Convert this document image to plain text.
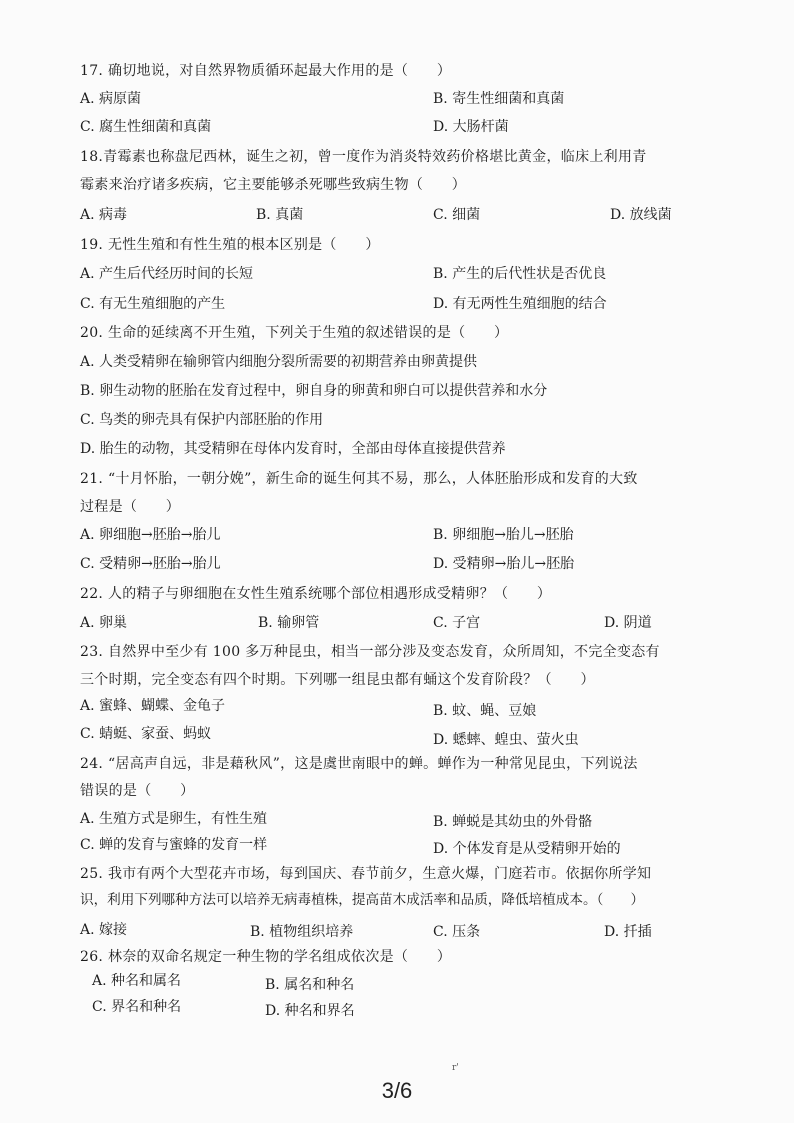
17. 确切地说，对自然界物质循环起最大作用的是（　　）
A. 病原菌	B. 寄生性细菌和真菌
C. 腐生性细菌和真菌	D. 大肠杆菌
18.青霉素也称盘尼西林，诞生之初，曾一度作为消炎特效药价格堪比黄金，临床上利用青
霉素来治疗诸多疾病，它主要能够杀死哪些致病生物（　　）
A. 病毒	B. 真菌	C. 细菌	D. 放线菌
19. 无性生殖和有性生殖的根本区别是（　　）
A. 产生后代经历时间的长短	B. 产生的后代性状是否优良
C. 有无生殖细胞的产生	D. 有无两性生殖细胞的结合
20. 生命的延续离不开生殖，下列关于生殖的叙述错误的是（　　）
A. 人类受精卵在输卵管内细胞分裂所需要的初期营养由卵黄提供
B. 卵生动物的胚胎在发育过程中，卵自身的卵黄和卵白可以提供营养和水分
C. 鸟类的卵壳具有保护内部胚胎的作用
D. 胎生的动物，其受精卵在母体内发育时，全部由母体直接提供营养
21. “十月怀胎，一朝分娩”，新生命的诞生何其不易，那么，人体胚胎形成和发育的大致
过程是（　　）
A. 卵细胞→胚胎→胎儿	B. 卵细胞→胎儿→胚胎
C. 受精卵→胚胎→胎儿	D. 受精卵→胎儿→胚胎
22. 人的精子与卵细胞在女性生殖系统哪个部位相遇形成受精卵？（　　）
A. 卵巢	B. 输卵管	C. 子宫	D. 阴道
23. 自然界中至少有 100 多万种昆虫，相当一部分涉及变态发育，众所周知，不完全变态有
三个时期，完全变态有四个时期。下列哪一组昆虫都有蛹这个发育阶段？（　　）
A. 蜜蜂、蝴蝶、金龟子	B. 蚊、蝇、豆娘
C. 蜻蜓、家蚕、蚂蚁	D. 蟋蟀、蝗虫、萤火虫
24. “居高声自远，非是藉秋风”，这是虞世南眼中的蝉。蝉作为一种常见昆虫，下列说法
错误的是（　　）
A. 生殖方式是卵生，有性生殖	B. 蝉蜕是其幼虫的外骨骼
C. 蝉的发育与蜜蜂的发育一样	D. 个体发育是从受精卵开始的
25. 我市有两个大型花卉市场，每到国庆、春节前夕，生意火爆，门庭若市。依据你所学知
识，利用下列哪种方法可以培养无病毒植株，提高苗木成活率和品质，降低培植成本。（　　）
A. 嫁接	B. 植物组织培养	C. 压条	D. 扦插
26. 林奈的双命名规定一种生物的学名组成依次是（　　）
A. 种名和属名	B. 属名和种名
C. 界名和种名	D. 种名和界名
r'
3/6
